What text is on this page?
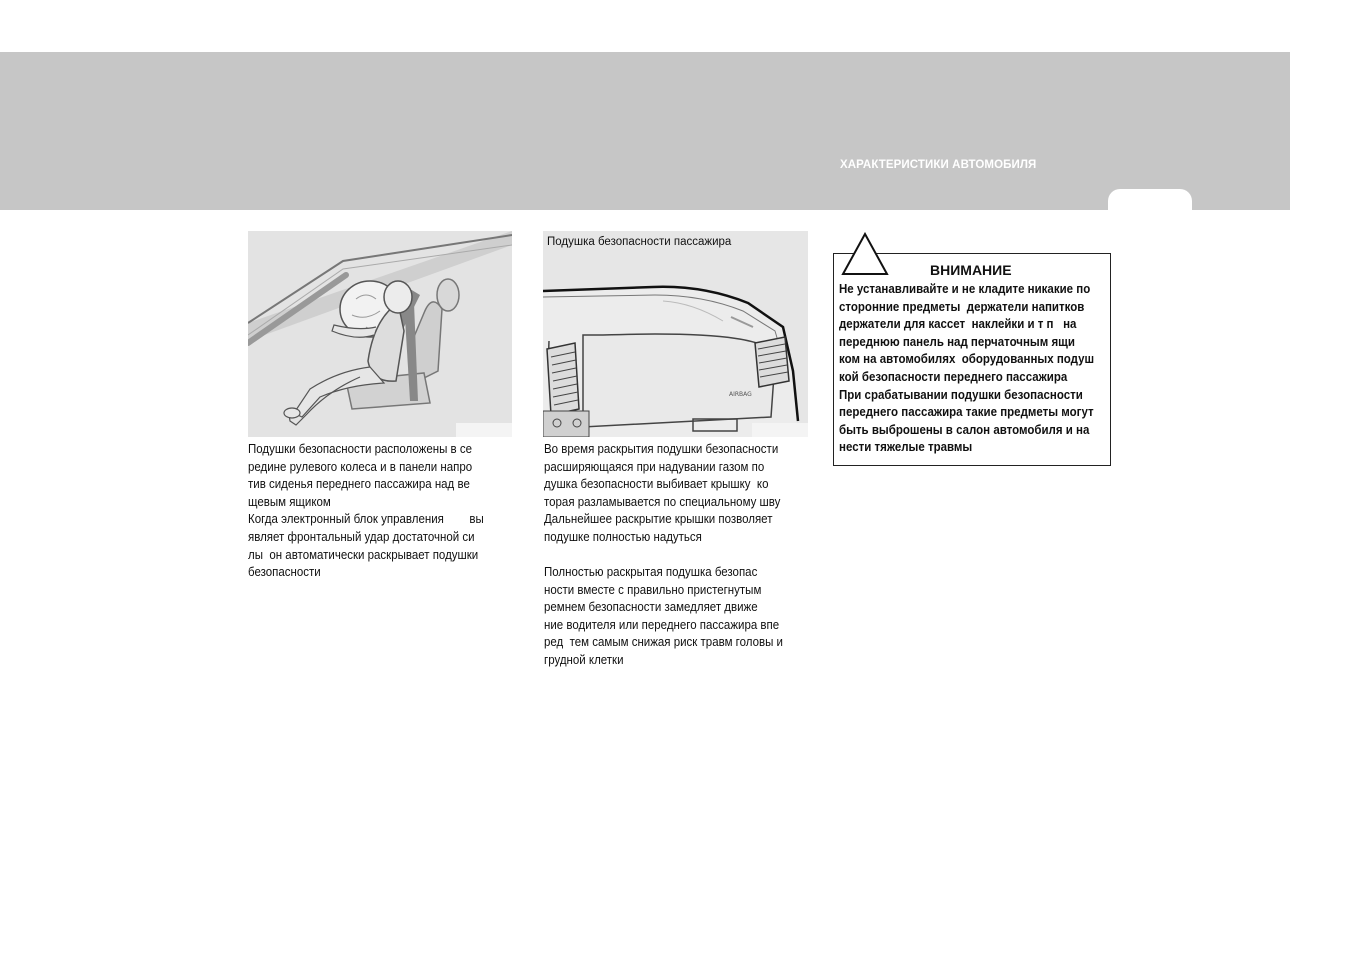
ХАРАКТЕРИСТИКИ АВТОМОБИЛЯ
AIRBAG
Подушка безопасности пассажира

Подушки безопасности расположены в се

редине рулевого колеса и в панели напро

тив сиденья переднего пассажира над ве

щевым ящиком

Когда электронный блок управления        вы

являет фронтальный удар достаточной си

лы  он автоматически раскрывает подушки

безопасности

Во время раскрытия подушки безопасности

расширяющаяся при надувании газом по

душка безопасности выбивает крышку  ко

торая разламывается по специальному шву

Дальнейшее раскрытие крышки позволяет

подушке полностью надуться

Полностью раскрытая подушка безопас

ности вместе с правильно пристегнутым

ремнем безопасности замедляет движе

ние водителя или переднего пассажира впе

ред  тем самым снижая риск травм головы и

грудной клетки

ВНИМАНИЕ

Не устанавливайте и не кладите никакие по

сторонние предметы  держатели напитков

держатели для кассет  наклейки и т п   на

переднюю панель над перчаточным ящи

ком на автомобилях  оборудованных подуш

кой безопасности переднего пассажира

При срабатывании подушки безопасности

переднего пассажира такие предметы могут

быть выброшены в салон автомобиля и на

нести тяжелые травмы
